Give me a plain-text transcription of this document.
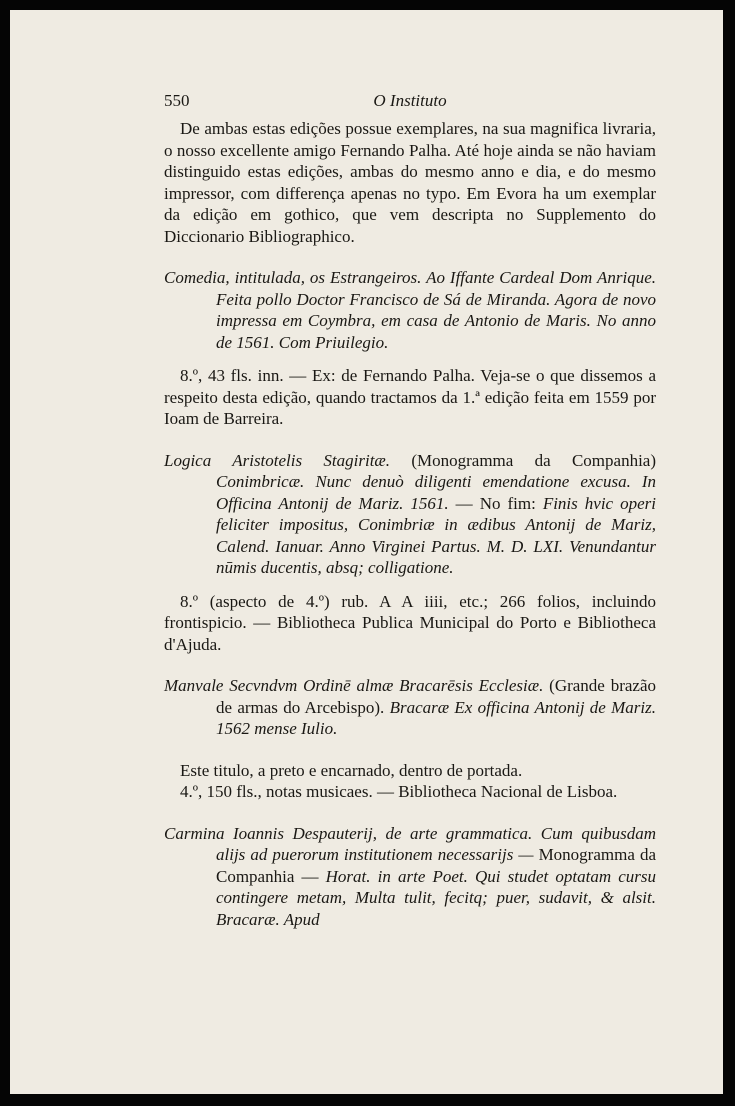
550	O Instituto

De ambas estas edições possue exemplares, na sua magnifica livraria, o nosso excellente amigo Fernando Palha. Até hoje ainda se não haviam distinguido estas edições, ambas do mesmo anno e dia, e do mesmo impressor, com differença apenas no typo. Em Evora ha um exemplar da edição em gothico, que vem descripta no Supplemento do Diccionario Bibliographico.

Comedia, intitulada, os Estrangeiros. Ao Iffante Cardeal Dom Anrique. Feita pollo Doctor Francisco de Sá de Miranda. Agora de novo impressa em Coymbra, em casa de Antonio de Maris. No anno de 1561. Com Priuilegio.

8.º, 43 fls. inn. — Ex: de Fernando Palha. Veja-se o que dissemos a respeito desta edição, quando tractamos da 1.ª edição feita em 1559 por Ioam de Barreira.

Logica Aristotelis Stagiritæ. (Monogramma da Companhia) Conimbricæ. Nunc denuò diligenti emendatione excusa. In Officina Antonij de Mariz. 1561. — No fim: Finis hvic operi feliciter impositus, Conimbriæ in ædibus Antonij de Mariz, Calend. Ianuar. Anno Virginei Partus. M. D. LXI. Venundantur nūmis ducentis, absq; colligatione.

8.º (aspecto de 4.º) rub. A A iiii, etc.; 266 folios, incluindo frontispicio. — Bibliotheca Publica Municipal do Porto e Bibliotheca d'Ajuda.

Manvale Secvndvm Ordinē almæ Bracarēsis Ecclesiæ. (Grande brazão de armas do Arcebispo). Bracaræ Ex officina Antonij de Mariz. 1562 mense Iulio.

Este titulo, a preto e encarnado, dentro de portada.

4.º, 150 fls., notas musicaes. — Bibliotheca Nacional de Lisboa.

Carmina Ioannis Despauterij, de arte grammatica. Cum quibusdam alijs ad puerorum institutionem necessarijs — Monogramma da Companhia — Horat. in arte Poet. Qui studet optatam cursu contingere metam, Multa tulit, fecitq; puer, sudavit, & alsit. Bracaræ. Apud
